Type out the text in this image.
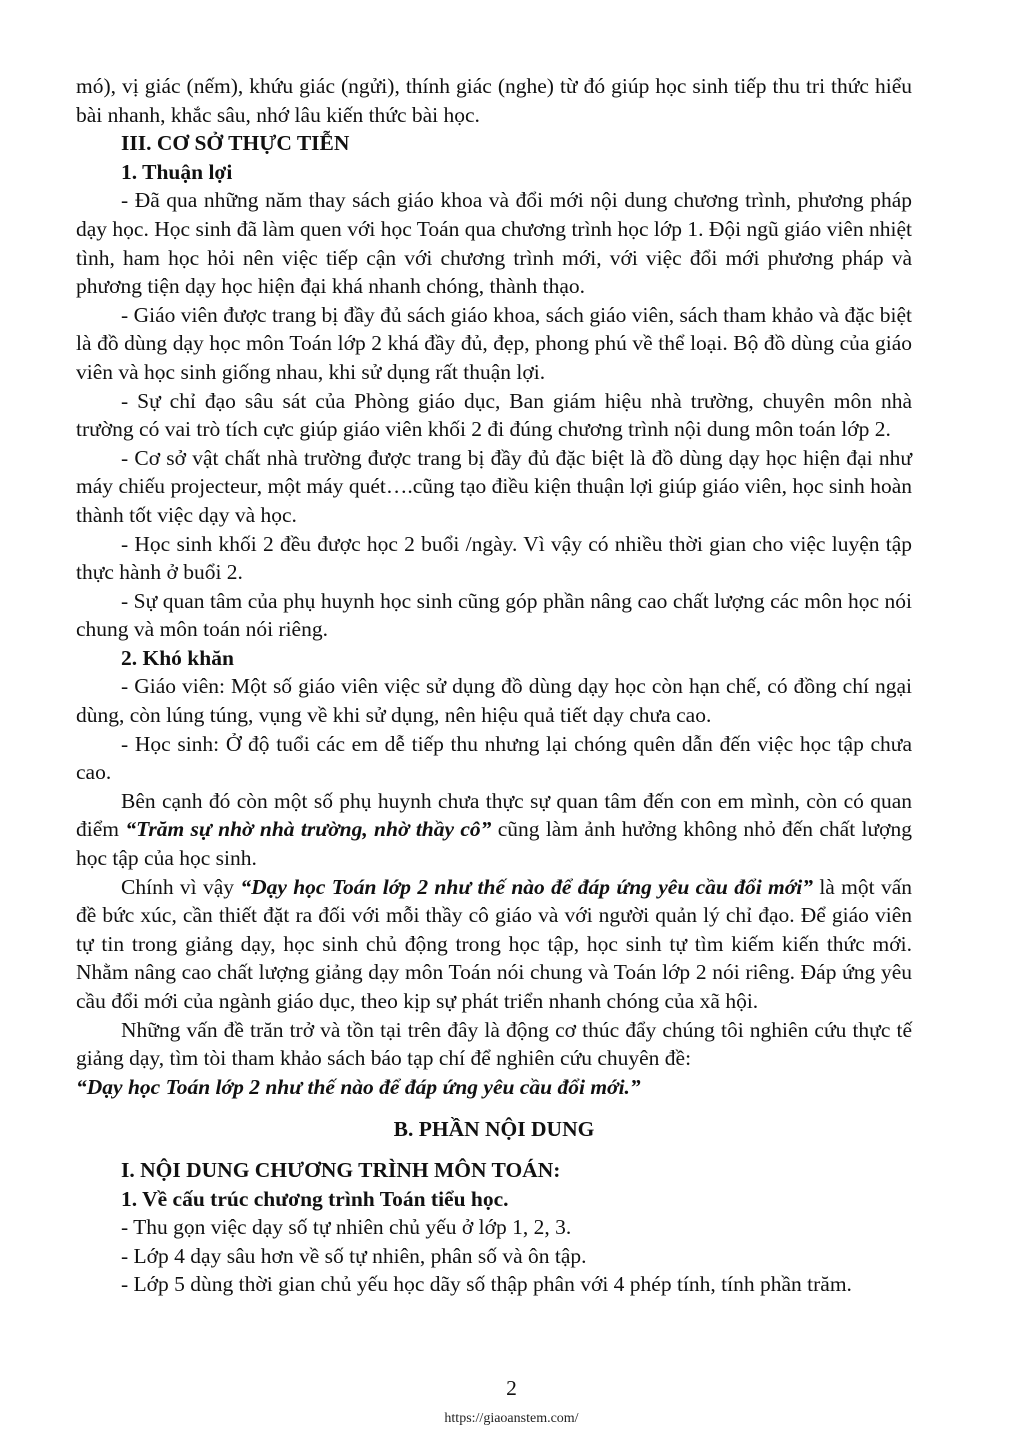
mó), vị giác (nếm), khứu giác (ngửi), thính giác (nghe) từ đó giúp học sinh tiếp thu tri thức hiểu bài nhanh, khắc sâu, nhớ lâu kiến thức bài học.

III. CƠ SỞ THỰC TIỄN

1. Thuận lợi

- Đã qua những năm thay sách giáo khoa và đổi mới nội dung chương trình, phương pháp dạy học. Học sinh đã làm quen với học Toán qua chương trình học lớp 1. Đội ngũ giáo viên nhiệt tình, ham học hỏi nên việc tiếp cận với chương trình mới, với việc đổi mới phương pháp và phương tiện dạy học hiện đại khá nhanh chóng, thành thạo.

- Giáo viên được trang bị đầy đủ sách giáo khoa, sách giáo viên, sách tham khảo và đặc biệt là đồ dùng dạy học môn Toán lớp 2 khá đầy đủ, đẹp, phong phú về thể loại. Bộ đồ dùng của giáo viên và học sinh giống nhau, khi sử dụng rất thuận lợi.

- Sự chỉ đạo sâu sát của Phòng giáo dục, Ban giám hiệu nhà trường, chuyên môn nhà trường có vai trò tích cực giúp giáo viên khối 2 đi đúng chương trình nội dung môn toán lớp 2.

- Cơ sở vật chất nhà trường được trang bị đầy đủ đặc biệt là đồ dùng dạy học hiện đại như máy chiếu projecteur, một máy quét….cũng tạo điều kiện thuận lợi giúp giáo viên, học sinh hoàn thành tốt việc dạy và học.

- Học sinh khối 2 đều được học 2 buổi /ngày. Vì vậy có nhiều thời gian cho việc luyện tập thực hành ở buổi 2.

- Sự quan tâm của phụ huynh học sinh cũng góp phần nâng cao chất lượng các môn học nói chung và môn toán nói riêng.

2. Khó khăn

- Giáo viên: Một số giáo viên việc sử dụng đồ dùng dạy học còn hạn chế, có đồng chí ngại dùng, còn lúng túng, vụng về khi sử dụng, nên hiệu quả tiết dạy chưa cao.

- Học sinh: Ở độ tuổi các em dễ tiếp thu nhưng lại chóng quên dẫn đến việc học tập chưa cao.

Bên cạnh đó còn một số phụ huynh chưa thực sự quan tâm đến con em mình, còn có quan điểm “Trăm sự nhờ nhà trường, nhờ thầy cô” cũng làm ảnh hưởng không nhỏ đến chất lượng học tập của học sinh.

Chính vì vậy “Dạy học Toán lớp 2 như thế nào để đáp ứng yêu cầu đổi mới” là một vấn đề bức xúc, cần thiết đặt ra đối với mỗi thầy cô giáo và với người quản lý chỉ đạo. Để giáo viên tự tin trong giảng dạy, học sinh chủ động trong học tập, học sinh tự tìm kiếm kiến thức mới. Nhằm nâng cao chất lượng giảng dạy môn Toán nói chung và Toán lớp 2 nói riêng. Đáp ứng yêu cầu đổi mới của ngành giáo dục, theo kịp sự phát triển nhanh chóng của xã hội.

Những vấn đề trăn trở và tồn tại trên đây là động cơ thúc đẩy chúng tôi nghiên cứu thực tế giảng dạy, tìm tòi tham khảo sách báo tạp chí để nghiên cứu chuyên đề:

“Dạy học Toán lớp 2 như thế nào để đáp ứng yêu cầu đổi mới.”

B. PHẦN NỘI DUNG

I. NỘI DUNG CHƯƠNG TRÌNH MÔN TOÁN:

1. Về cấu trúc chương trình Toán tiểu học.

- Thu gọn việc dạy số tự nhiên chủ yếu ở lớp 1, 2, 3.

- Lớp 4 dạy sâu hơn về số tự nhiên, phân số và ôn tập.

- Lớp 5 dùng thời gian chủ yếu học dãy số thập phân với 4 phép tính, tính phần trăm.

2
https://giaoanstem.com/
